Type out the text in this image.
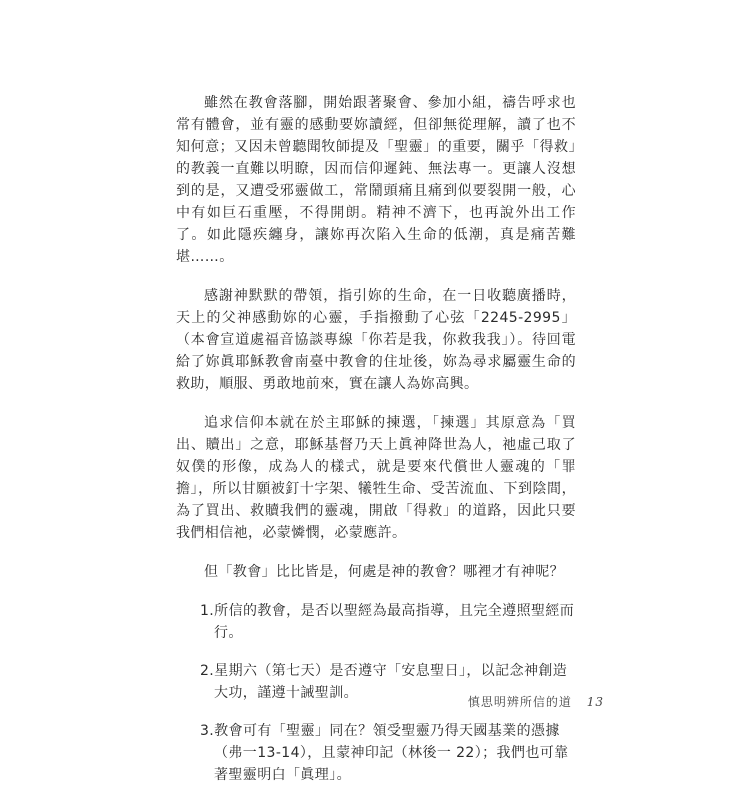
雖然在教會落腳，開始跟著聚會、參加小組，禱告呼求也常有體會，並有靈的感動要妳讀經，但卻無從理解，讀了也不知何意；又因未曾聽聞牧師提及「聖靈」的重要，關乎「得救」的教義一直難以明瞭，因而信仰遲鈍、無法專一。更讓人沒想到的是，又遭受邪靈做工，常鬧頭痛且痛到似要裂開一般，心中有如巨石重壓，不得開朗。精神不濟下，也再說外出工作了。如此隱疾纏身，讓妳再次陷入生命的低潮，真是痛苦難堪……。

感謝神默默的帶領，指引妳的生命，在一日收聽廣播時，天上的父神感動妳的心靈，手指撥動了心弦「2245-2995」（本會宣道處福音協談專線「你若是我，你救我我」）。待回電給了妳眞耶穌教會南臺中教會的住址後，妳為尋求屬靈生命的救助，順服、勇敢地前來，實在讓人為妳高興。

追求信仰本就在於主耶穌的揀選，「揀選」其原意為「買出、贖出」之意，耶穌基督乃天上眞神降世為人，祂虛己取了奴僕的形像，成為人的樣式，就是要來代償世人靈魂的「罪擔」，所以甘願被釘十字架、犧牲生命、受苦流血、下到陰間，為了買出、救贖我們的靈魂，開啟「得救」的道路，因此只要我們相信祂，必蒙憐憫，必蒙應許。

但「教會」比比皆是，何處是神的教會？哪裡才有神呢？

1.所信的教會，是否以聖經為最高指導，且完全遵照聖經而行。
2.星期六（第七天）是否遵守「安息聖日」，以記念神創造大功，謹遵十誡聖訓。
3.教會可有「聖靈」同在？領受聖靈乃得天國基業的憑據（弗一13-14），且蒙神印記（林後一 22）；我們也可靠著聖靈明白「眞理」。
慎思明辨所信的道 13
